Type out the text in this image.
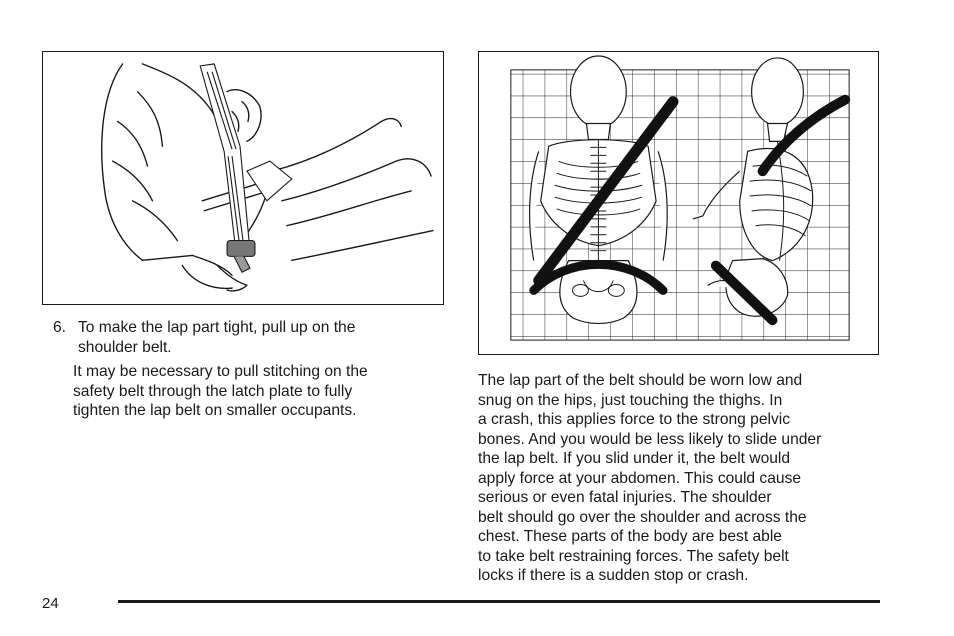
6. To make the lap part tight, pull up on the
shoulder belt.

It may be necessary to pull stitching on the
safety belt through the latch plate to fully
tighten the lap belt on smaller occupants.

The lap part of the belt should be worn low and
snug on the hips, just touching the thighs. In
a crash, this applies force to the strong pelvic
bones. And you would be less likely to slide under
the lap belt. If you slid under it, the belt would
apply force at your abdomen. This could cause
serious or even fatal injuries. The shoulder
belt should go over the shoulder and across the
chest. These parts of the body are best able
to take belt restraining forces. The safety belt
locks if there is a sudden stop or crash.

24
